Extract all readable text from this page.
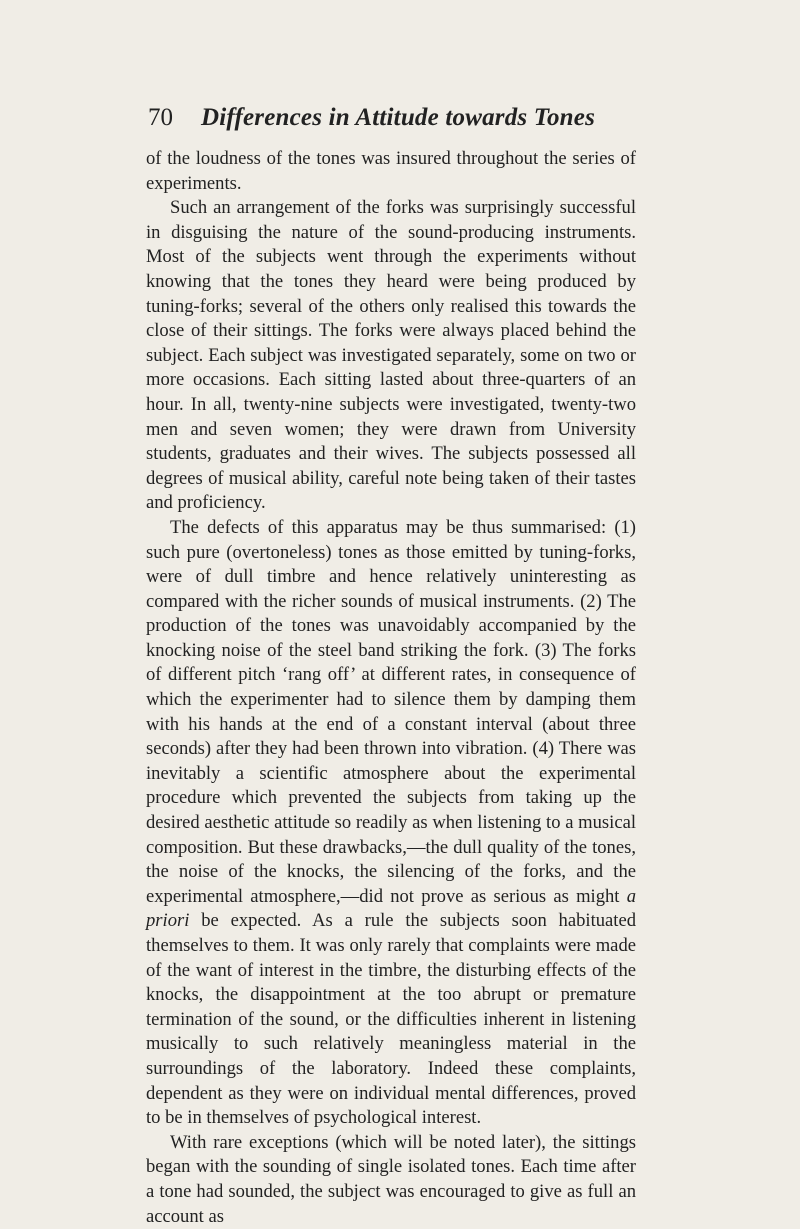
70 Differences in Attitude towards Tones

of the loudness of the tones was insured throughout the series of experiments.

Such an arrangement of the forks was surprisingly successful in disguising the nature of the sound-producing instruments. Most of the subjects went through the experiments without knowing that the tones they heard were being produced by tuning-forks; several of the others only realised this towards the close of their sittings. The forks were always placed behind the subject. Each subject was investigated separately, some on two or more occasions. Each sitting lasted about three-quarters of an hour. In all, twenty-nine subjects were investigated, twenty-two men and seven women; they were drawn from University students, graduates and their wives. The subjects possessed all degrees of musical ability, careful note being taken of their tastes and proficiency.

The defects of this apparatus may be thus summarised: (1) such pure (overtoneless) tones as those emitted by tuning-forks, were of dull timbre and hence relatively uninteresting as compared with the richer sounds of musical instruments. (2) The production of the tones was unavoidably accompanied by the knocking noise of the steel band striking the fork. (3) The forks of different pitch ‘rang off’ at different rates, in consequence of which the experimenter had to silence them by damping them with his hands at the end of a constant interval (about three seconds) after they had been thrown into vibration. (4) There was inevitably a scientific atmosphere about the experimental procedure which prevented the subjects from taking up the desired aesthetic attitude so readily as when listening to a musical composition. But these drawbacks,—the dull quality of the tones, the noise of the knocks, the silencing of the forks, and the experimental atmosphere,—did not prove as serious as might a priori be expected. As a rule the subjects soon habituated themselves to them. It was only rarely that complaints were made of the want of interest in the timbre, the disturbing effects of the knocks, the disappointment at the too abrupt or premature termination of the sound, or the difficulties inherent in listening musically to such relatively meaningless material in the surroundings of the laboratory. Indeed these complaints, dependent as they were on individual mental differences, proved to be in themselves of psychological interest.

With rare exceptions (which will be noted later), the sittings began with the sounding of single isolated tones. Each time after a tone had sounded, the subject was encouraged to give as full an account as
